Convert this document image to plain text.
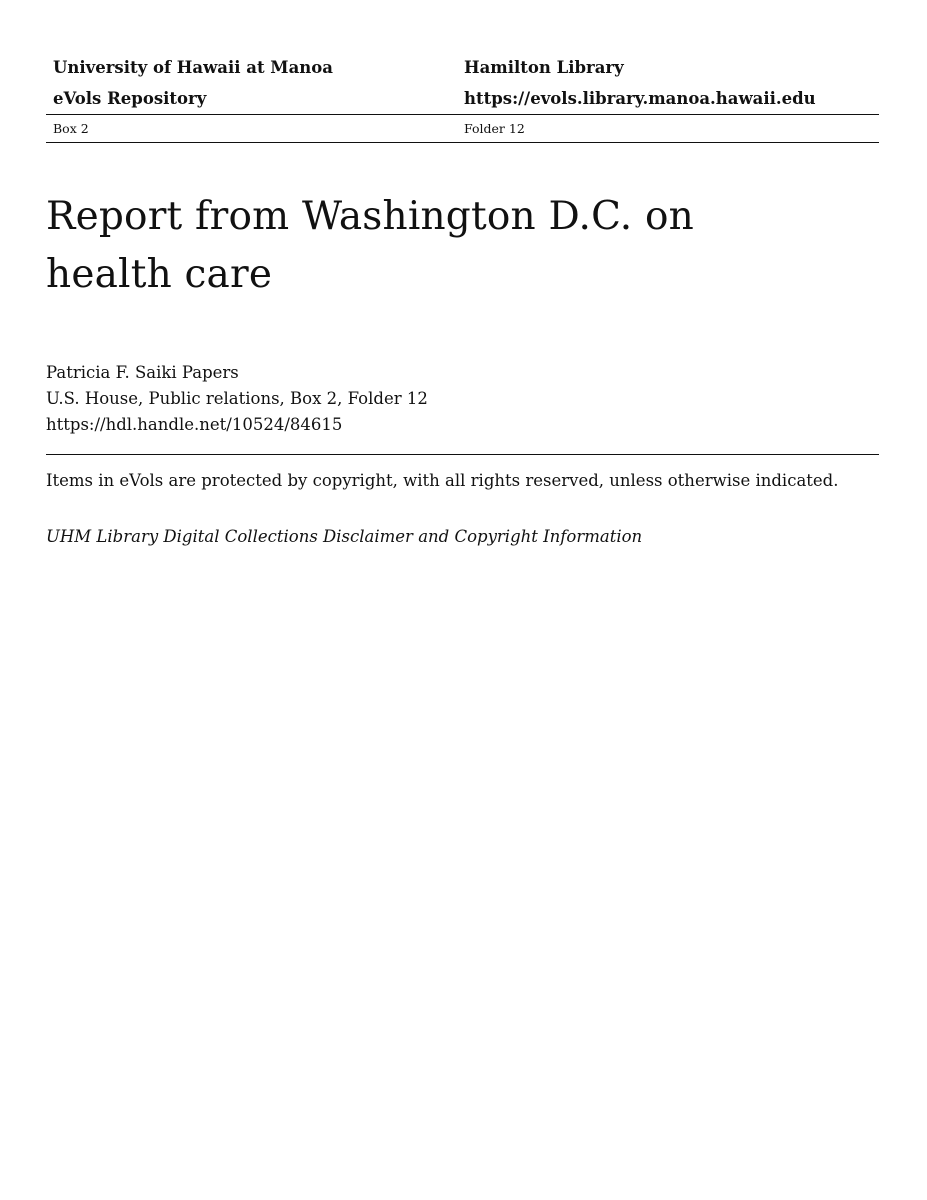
University of Hawaii at Manoa	Hamilton Library
eVols Repository	https://evols.library.manoa.hawaii.edu
Box 2	Folder 12
Report from Washington D.C. on
health care
Patricia F. Saiki Papers
U.S. House, Public relations, Box 2, Folder 12
https://hdl.handle.net/10524/84615
Items in eVols are protected by copyright, with all rights reserved, unless otherwise indicated.
UHM Library Digital Collections Disclaimer and Copyright Information
